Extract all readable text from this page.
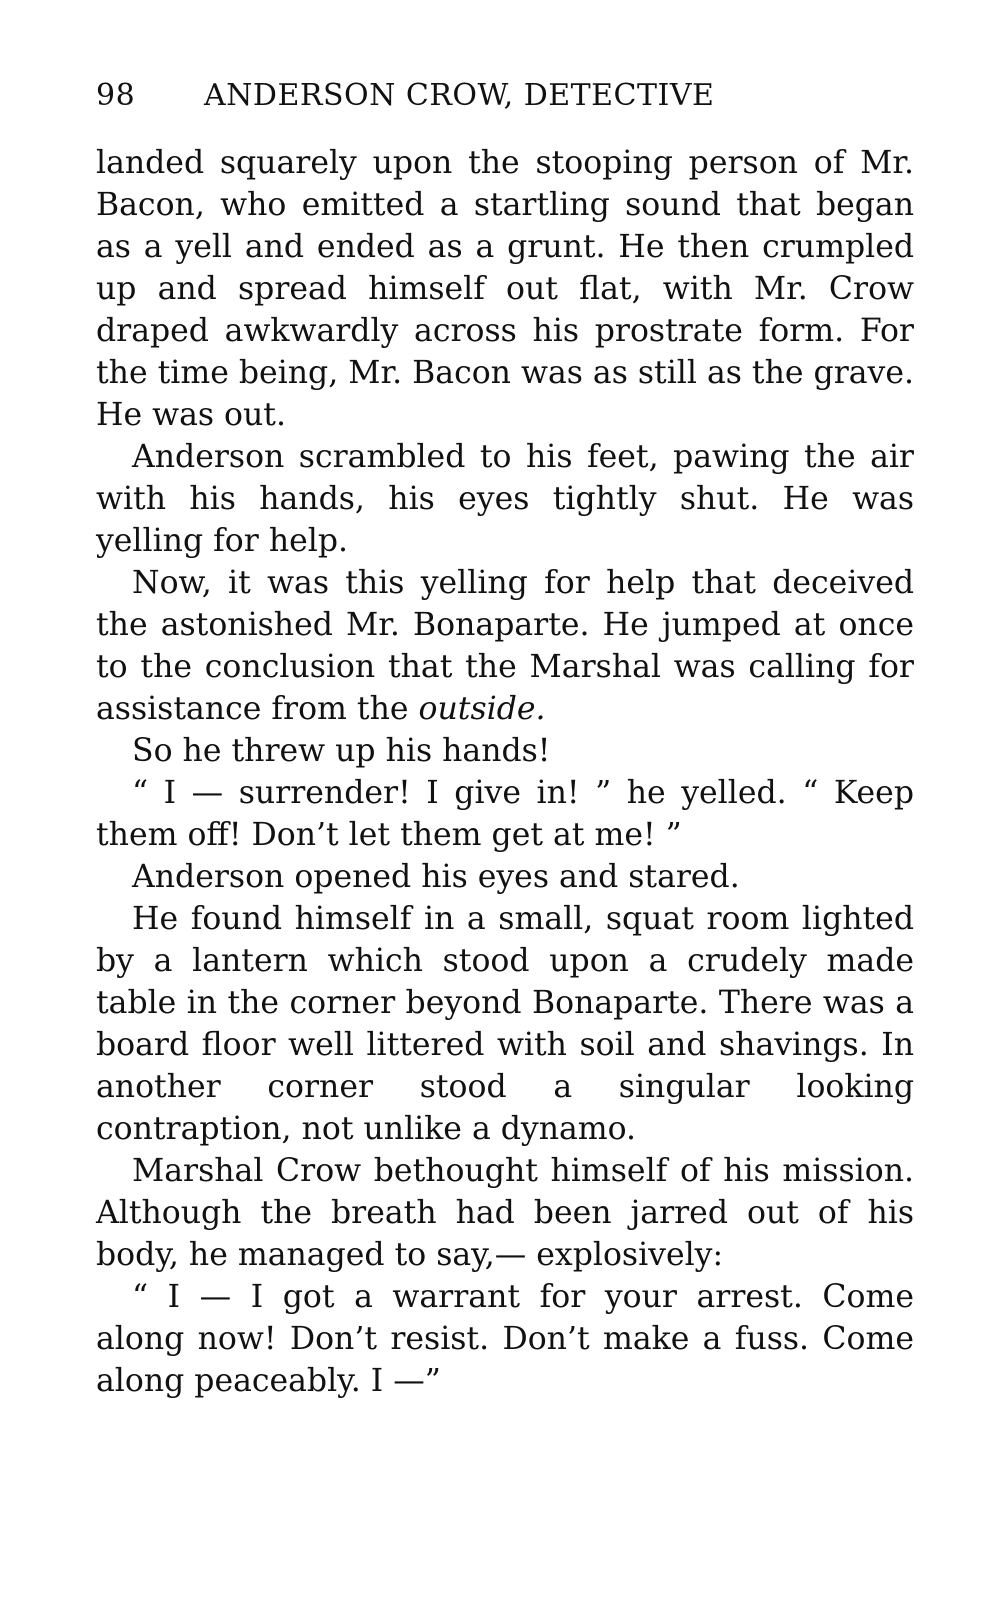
98 ANDERSON CROW, DETECTIVE

landed squarely upon the stooping person of Mr. Bacon, who emitted a startling sound that began as a yell and ended as a grunt. He then crumpled up and spread himself out flat, with Mr. Crow draped awkwardly across his prostrate form. For the time being, Mr. Bacon was as still as the grave. He was out.

Anderson scrambled to his feet, pawing the air with his hands, his eyes tightly shut. He was yelling for help.

Now, it was this yelling for help that deceived the astonished Mr. Bonaparte. He jumped at once to the conclusion that the Marshal was calling for assistance from the outside.

So he threw up his hands!

“ I — surrender! I give in! ” he yelled. “ Keep them off! Don’t let them get at me! ”

Anderson opened his eyes and stared.

He found himself in a small, squat room lighted by a lantern which stood upon a crudely made table in the corner beyond Bonaparte. There was a board floor well littered with soil and shavings. In another corner stood a singular looking contraption, not unlike a dynamo.

Marshal Crow bethought himself of his mission. Although the breath had been jarred out of his body, he managed to say,— explosively:

“ I — I got a warrant for your arrest. Come along now! Don’t resist. Don’t make a fuss. Come along peaceably. I —”
